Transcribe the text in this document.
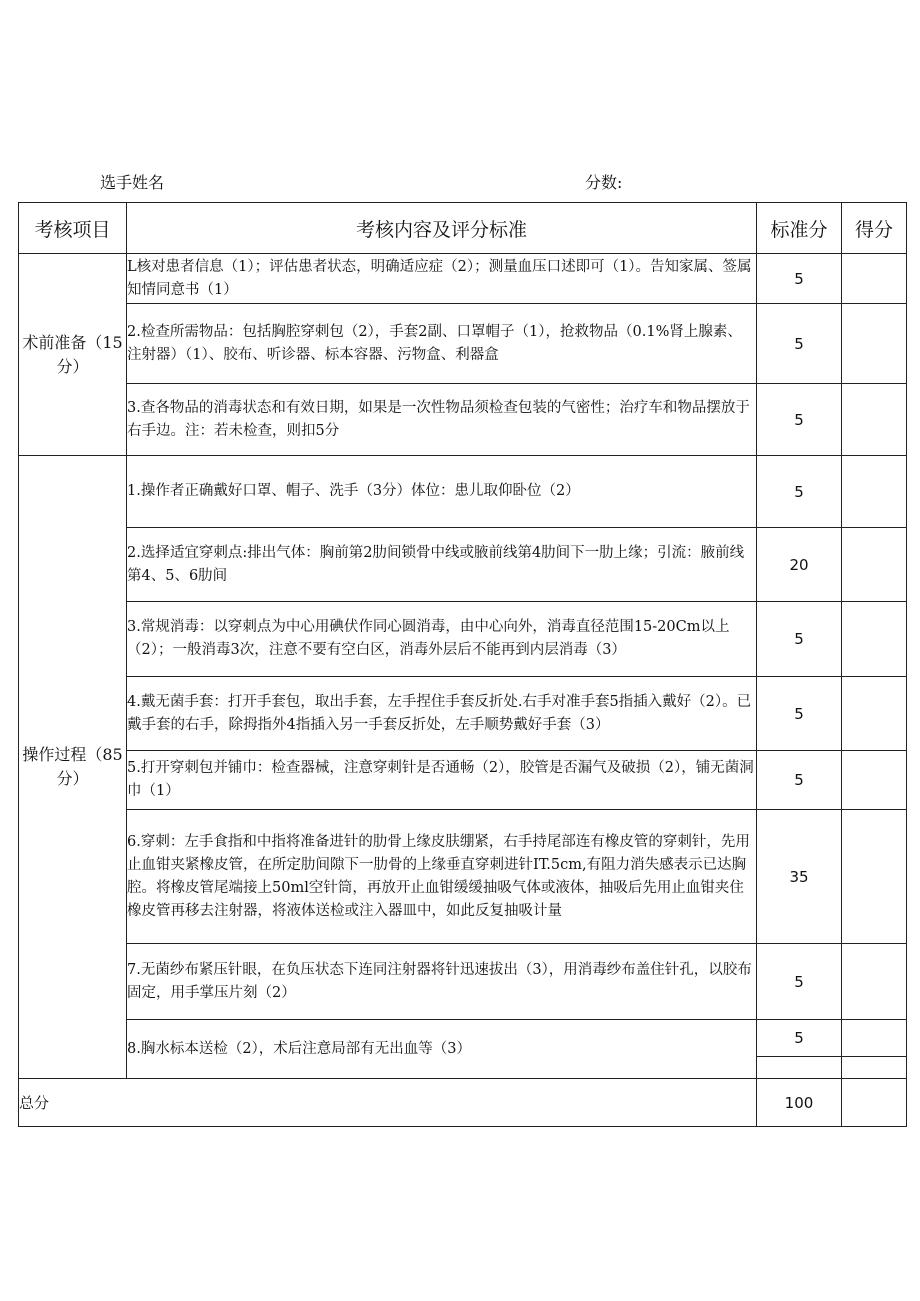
选手姓名	分数:
考核项目	考核内容及评分标准	标准分	得分
术前准备（15分）	L核对患者信息（1）；评估患者状态，明确适应症（2）；测量血压口述即可（1）。告知家属、签属知情同意书（1）	5	
	2.检查所需物品：包括胸腔穿刺包（2），手套2副、口罩帽子（1），抢救物品（0.1%肾上腺素、注射器）（1）、胶布、听诊器、标本容器、污物盒、利器盒	5	
	3.查各物品的消毒状态和有效日期，如果是一次性物品须检查包装的气密性；治疗车和物品摆放于右手边。注：若未检查，则扣5分	5	
操作过程（85分）	1.操作者正确戴好口罩、帽子、洗手（3分）体位：患儿取仰卧位（2）	5	
	2.选择适宜穿刺点:排出气体：胸前第2肋间锁骨中线或腋前线第4肋间下一肋上缘；引流：腋前线第4、5、6肋间	20	
	3.常规消毒：以穿刺点为中心用碘伏作同心圆消毒，由中心向外，消毒直径范围15-20Cm以上（2）；一般消毒3次，注意不要有空白区，消毒外层后不能再到内层消毒（3）	5	
	4.戴无菌手套：打开手套包，取出手套，左手捏住手套反折处.右手对准手套5指插入戴好（2）。已戴手套的右手，除拇指外4指插入另一手套反折处，左手顺势戴好手套（3）	5	
	5.打开穿刺包并铺巾：检查器械，注意穿刺针是否通畅（2），胶管是否漏气及破损（2），铺无菌洞巾（1）	5	
	6.穿刺：左手食指和中指将准备进针的肋骨上缘皮肤绷紧，右手持尾部连有橡皮管的穿刺针，先用止血钳夹紧橡皮管，在所定肋间隙下一肋骨的上缘垂直穿刺进针IT.5cm,有阻力消失感表示已达胸腔。将橡皮管尾端接上50ml空针筒，再放开止血钳缓缓抽吸气体或液体，抽吸后先用止血钳夹住橡皮管再移去注射器，将液体送检或注入器皿中，如此反复抽吸计量	35	
	7.无菌纱布紧压针眼，在负压状态下连同注射器将针迅速拔出（3），用消毒纱布盖住针孔，以胶布固定，用手掌压片刻（2）	5	
	8.胸水标本送检（2），术后注意局部有无出血等（3）	5	

总分		100	
